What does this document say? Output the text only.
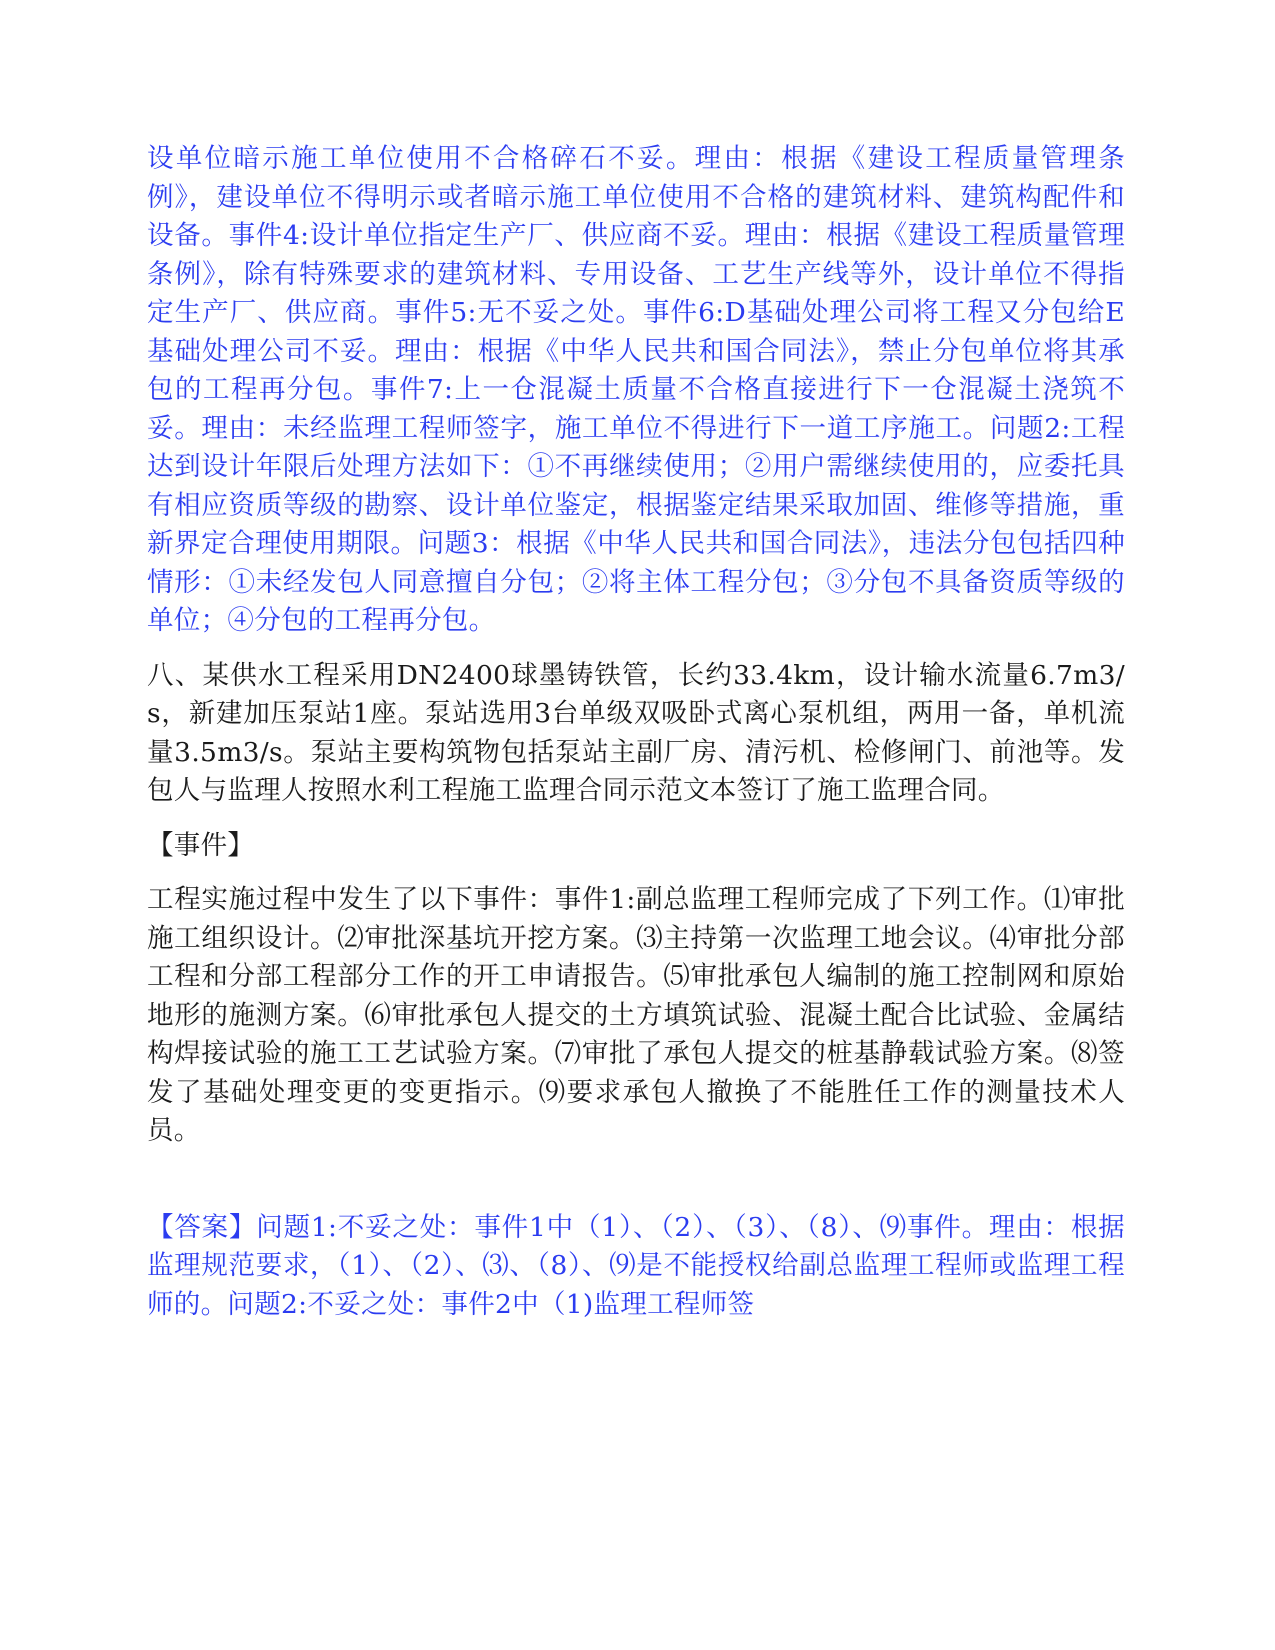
设单位暗示施工单位使用不合格碎石不妥。理由：根据《建设工程质量管理条例》，建设单位不得明示或者暗示施工单位使用不合格的建筑材料、建筑构配件和设备。事件4:设计单位指定生产厂、供应商不妥。理由：根据《建设工程质量管理条例》，除有特殊要求的建筑材料、专用设备、工艺生产线等外，设计单位不得指定生产厂、供应商。事件5:无不妥之处。事件6:D基础处理公司将工程又分包给E基础处理公司不妥。理由：根据《中华人民共和国合同法》，禁止分包单位将其承包的工程再分包。事件7:上一仓混凝土质量不合格直接进行下一仓混凝土浇筑不妥。理由：未经监理工程师签字，施工单位不得进行下一道工序施工。问题2:工程达到设计年限后处理方法如下：①不再继续使用；②用户需继续使用的，应委托具有相应资质等级的勘察、设计单位鉴定，根据鉴定结果采取加固、维修等措施，重新界定合理使用期限。问题3：根据《中华人民共和国合同法》，违法分包包括四种情形：①未经发包人同意擅自分包；②将主体工程分包；③分包不具备资质等级的单位；④分包的工程再分包。

八、某供水工程采用DN2400球墨铸铁管，长约33.4km，设计输水流量6.7m3/s，新建加压泵站1座。泵站选用3台单级双吸卧式离心泵机组，两用一备，单机流量3.5m3/s。泵站主要构筑物包括泵站主副厂房、清污机、检修闸门、前池等。发包人与监理人按照水利工程施工监理合同示范文本签订了施工监理合同。

【事件】

工程实施过程中发生了以下事件：事件1:副总监理工程师完成了下列工作。⑴审批施工组织设计。⑵审批深基坑开挖方案。⑶主持第一次监理工地会议。⑷审批分部工程和分部工程部分工作的开工申请报告。⑸审批承包人编制的施工控制网和原始地形的施测方案。⑹审批承包人提交的土方填筑试验、混凝土配合比试验、金属结构焊接试验的施工工艺试验方案。⑺审批了承包人提交的桩基静载试验方案。⑻签发了基础处理变更的变更指示。⑼要求承包人撤换了不能胜任工作的测量技术人员。

【答案】问题1:不妥之处：事件1中（1）、（2）、（3）、（8）、⑼事件。理由：根据监理规范要求，（1）、（2）、⑶、（8）、⑼是不能授权给副总监理工程师或监理工程师的。问题2:不妥之处：事件2中（1)监理工程师签
